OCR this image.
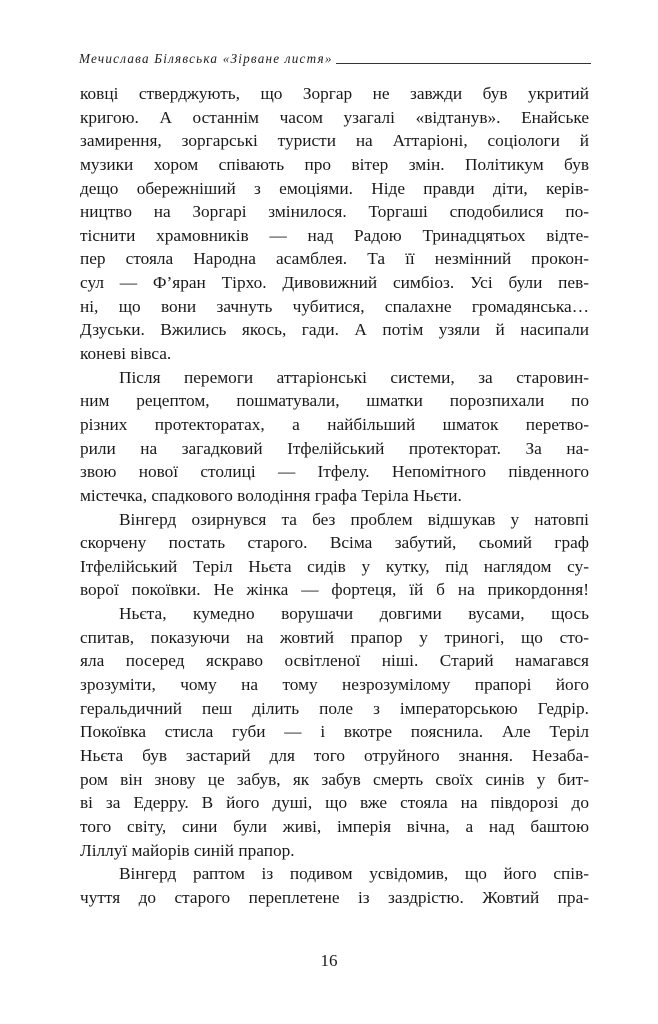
Мечислава Білявська «Зірване листя»
ковці стверджують, що Зоргар не завжди був укритий
кригою. А останнім часом узагалі «відтанув». Енайське
замирення, зоргарські туристи на Аттаріоні, соціологи й
музики хором співають про вітер змін. Політикум був
дещо обережніший з емоціями. Ніде правди діти, керів-
ництво на Зоргарі змінилося. Торгаші сподобилися по-
тіснити храмовників — над Радою Тринадцятьох відте-
пер стояла Народна асамблея. Та її незмінний прокон-
сул — Ф’яран Тірхо. Дивовижний симбіоз. Усі були пев-
ні, що вони зачнуть чубитися, спалахне громадянська…
Дзуськи. Вжились якось, гади. А потім узяли й насипали
коневі вівса.
Після перемоги аттаріонські системи, за старовин-
ним рецептом, пошматували, шматки порозпихали по
різних протекторатах, а найбільший шматок перетво-
рили на загадковий Ітфелійський протекторат. За на-
звою нової столиці — Ітфелу. Непомітного південного
містечка, спадкового володіння графа Теріла Ньєти.
Вінгерд озирнувся та без проблем відшукав у натовпі
скорчену постать старого. Всіма забутий, сьомий граф
Ітфелійський Теріл Ньєта сидів у кутку, під наглядом су-
ворої покоївки. Не жінка — фортеця, їй б на прикордоння!
Ньєта, кумедно ворушачи довгими вусами, щось
спитав, показуючи на жовтий прапор у триногі, що сто-
яла посеред яскраво освітленої ніші. Старий намагався
зрозуміти, чому на тому незрозумілому прапорі його
геральдичний пеш ділить поле з імператорською Гедрір.
Покоївка стисла губи — і вкотре пояснила. Але Теріл
Ньєта був застарий для того отруйного знання. Незаба-
ром він знову це забув, як забув смерть своїх синів у бит-
ві за Едерру. В його душі, що вже стояла на півдорозі до
того світу, сини були живі, імперія вічна, а над баштою
Ліллуї майорів синій прапор.
Вінгерд раптом із подивом усвідомив, що його спів-
чуття до старого переплетене із заздрістю. Жовтий пра-
16
